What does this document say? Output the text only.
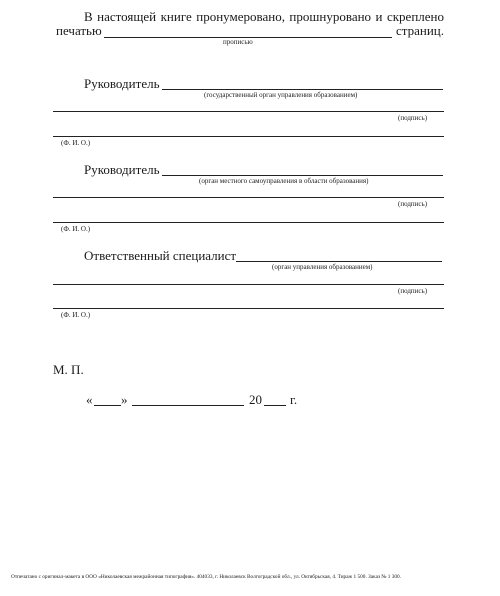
В настоящей книге пронумеровано, прошнуровано и скреплено
печатью	страниц.
прописью
Руководитель
(государственный орган управления образованием)
(подпись)
(Ф. И. О.)
Руководитель
(орган местного самоуправления в области образования)
(подпись)
(Ф. И. О.)
Ответственный специалист
(орган управления образованием)
(подпись)
(Ф. И. О.)
М. П.
« »	20 г.
Отпечатано с оригинал-макета в ООО «Николаевская межрайонная типография». 404033, г. Николаевск Волгоградской обл., ул. Октябрьская, 4. Тираж 1 500. Заказ № 1 300.
